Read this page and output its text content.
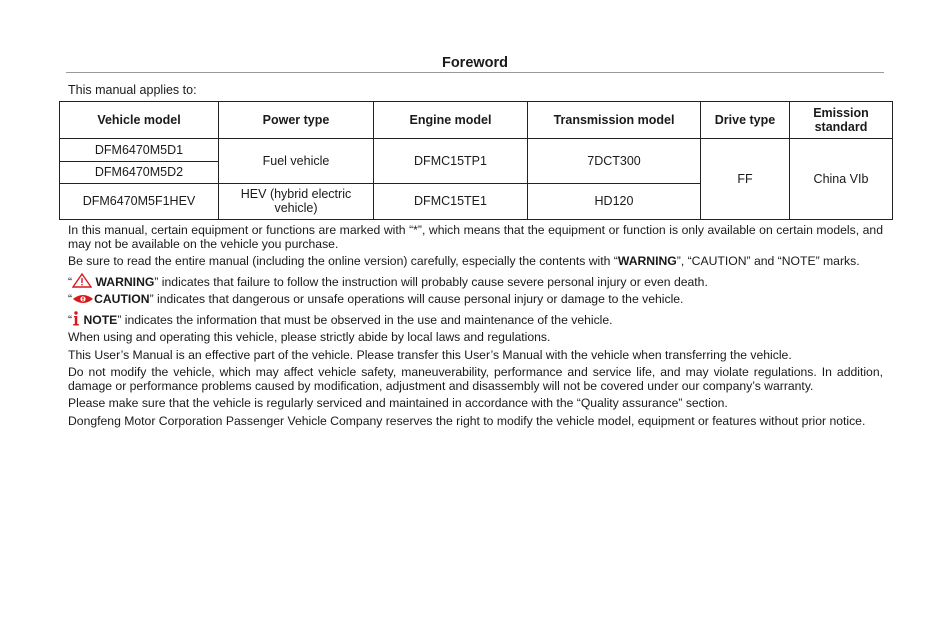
Foreword
This manual applies to:
Vehicle model	Power type	Engine model	Transmission model	Drive type	Emission standard
DFM6470M5D1	Fuel vehicle	DFMC15TP1	7DCT300	FF	China VIb
DFM6470M5D2					
DFM6470M5F1HEV	HEV (hybrid electric vehicle)	DFMC15TE1	HD120		

In this manual, certain equipment or functions are marked with “*”, which means that the equipment or function is only available on certain models, and may not be available on the vehicle you purchase.

Be sure to read the entire manual (including the online version) carefully, especially the contents with “WARNING”, “CAUTION” and “NOTE” marks.

“ WARNING” indicates that failure to follow the instruction will probably cause severe personal injury or even death.

“ CAUTION” indicates that dangerous or unsafe operations will cause personal injury or damage to the vehicle.

“ NOTE” indicates the information that must be observed in the use and maintenance of the vehicle.

When using and operating this vehicle, please strictly abide by local laws and regulations.

This User’s Manual is an effective part of the vehicle. Please transfer this User’s Manual with the vehicle when transferring the vehicle.

Do not modify the vehicle, which may affect vehicle safety, maneuverability, performance and service life, and may violate regulations. In addition, damage or performance problems caused by modification, adjustment and disassembly will not be covered under our company’s warranty.

Please make sure that the vehicle is regularly serviced and maintained in accordance with the “Quality assurance” section.

Dongfeng Motor Corporation Passenger Vehicle Company reserves the right to modify the vehicle model, equipment or features without prior notice.
